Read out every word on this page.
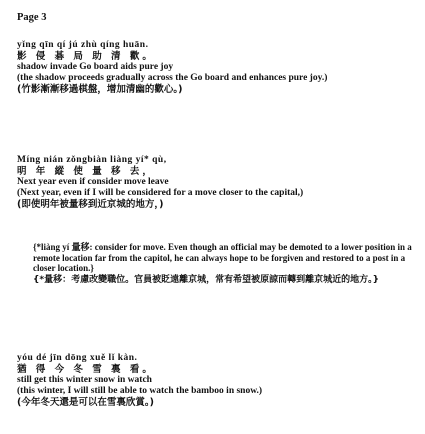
Page 3
yǐng qīn qí jú zhù qíng huān.
影 侵 碁 局 助 清 歡。
shadow invade Go board aids pure joy
(the shadow proceeds gradually across the Go board and enhances pure joy.)
(竹影漸漸移過棋盤，增加清幽的歡心。)
Míng nián zǒngbiàn liàng yí* qù,
明 年 縱 使 量 移 去，
Next year even if consider move leave
(Next year, even if I will be considered for a move closer to the capital,)
(即使明年被量移到近京城的地方，)
{*liàng yí 量移: consider for move. Even though an official may be demoted to a lower position in a remote location far from the capitol, he can always hope to be forgiven and restored to a post in a closer location.}
{*量移：考慮改變職位。官員被貶遠離京城，常有希望被原諒而轉到離京城近的地方。}
yóu dé jīn dōng xuě lǐ kàn.
猶 得 今 冬 雪 裏 看。
still get this winter snow in watch
(this winter, I will still be able to watch the bamboo in snow.)
(今年冬天還是可以在雪裏欣賞。)
